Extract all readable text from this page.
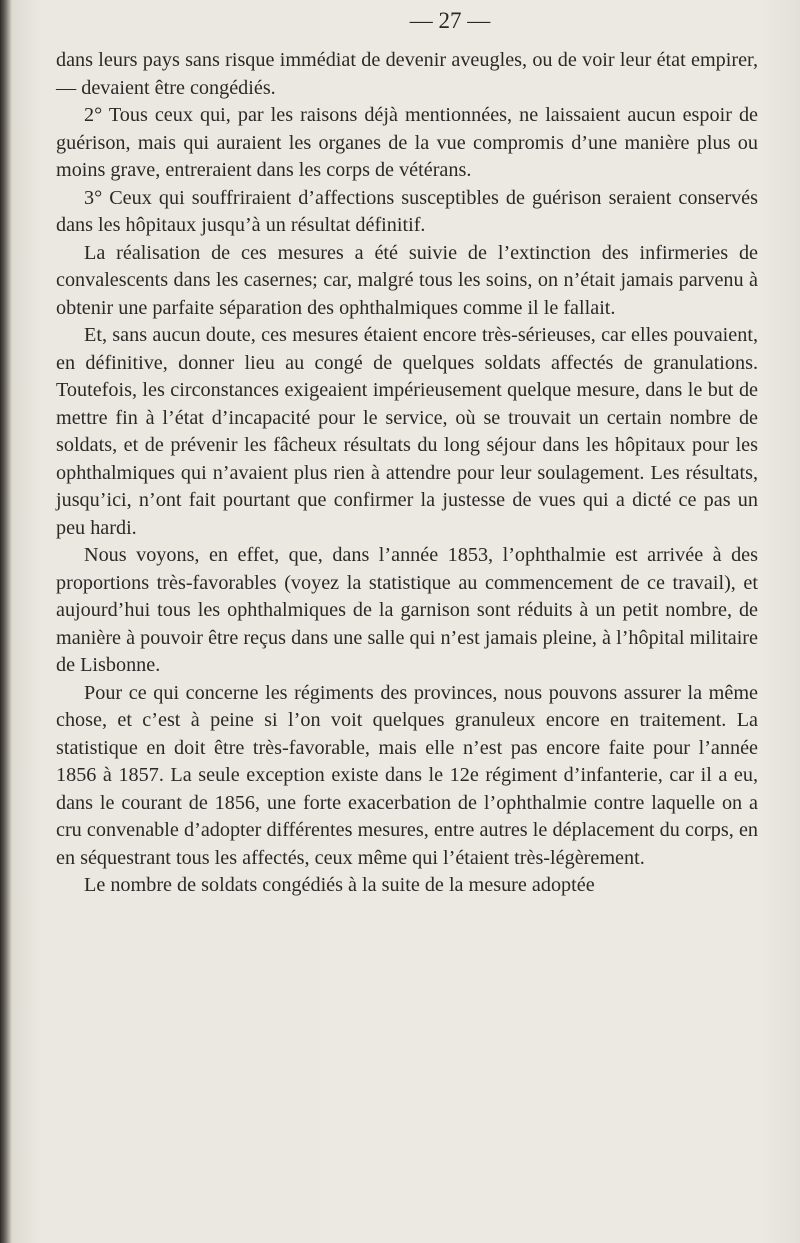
— 27 —

dans leurs pays sans risque immédiat de devenir aveugles, ou de voir leur état empirer, — devaient être congédiés.

2° Tous ceux qui, par les raisons déjà mentionnées, ne laissaient aucun espoir de guérison, mais qui auraient les organes de la vue compromis d’une manière plus ou moins grave, entreraient dans les corps de vétérans.

3° Ceux qui souffriraient d’affections susceptibles de guérison seraient conservés dans les hôpitaux jusqu’à un résultat définitif.

La réalisation de ces mesures a été suivie de l’extinction des infirmeries de convalescents dans les casernes; car, malgré tous les soins, on n’était jamais parvenu à obtenir une parfaite séparation des ophthalmiques comme il le fallait.

Et, sans aucun doute, ces mesures étaient encore très-sérieuses, car elles pouvaient, en définitive, donner lieu au congé de quelques soldats affectés de granulations. Toutefois, les circonstances exigeaient impérieusement quelque mesure, dans le but de mettre fin à l’état d’incapacité pour le service, où se trouvait un certain nombre de soldats, et de prévenir les fâcheux résultats du long séjour dans les hôpitaux pour les ophthalmiques qui n’avaient plus rien à attendre pour leur soulagement. Les résultats, jusqu’ici, n’ont fait pourtant que confirmer la justesse de vues qui a dicté ce pas un peu hardi.

Nous voyons, en effet, que, dans l’année 1853, l’ophthalmie est arrivée à des proportions très-favorables (voyez la statistique au commencement de ce travail), et aujourd’hui tous les ophthalmiques de la garnison sont réduits à un petit nombre, de manière à pouvoir être reçus dans une salle qui n’est jamais pleine, à l’hôpital militaire de Lisbonne.

Pour ce qui concerne les régiments des provinces, nous pouvons assurer la même chose, et c’est à peine si l’on voit quelques granuleux encore en traitement. La statistique en doit être très-favorable, mais elle n’est pas encore faite pour l’année 1856 à 1857. La seule exception existe dans le 12e régiment d’infanterie, car il a eu, dans le courant de 1856, une forte exacerbation de l’ophthalmie contre laquelle on a cru convenable d’adopter différentes mesures, entre autres le déplacement du corps, en en séquestrant tous les affectés, ceux même qui l’étaient très-légèrement.

Le nombre de soldats congédiés à la suite de la mesure adoptée
